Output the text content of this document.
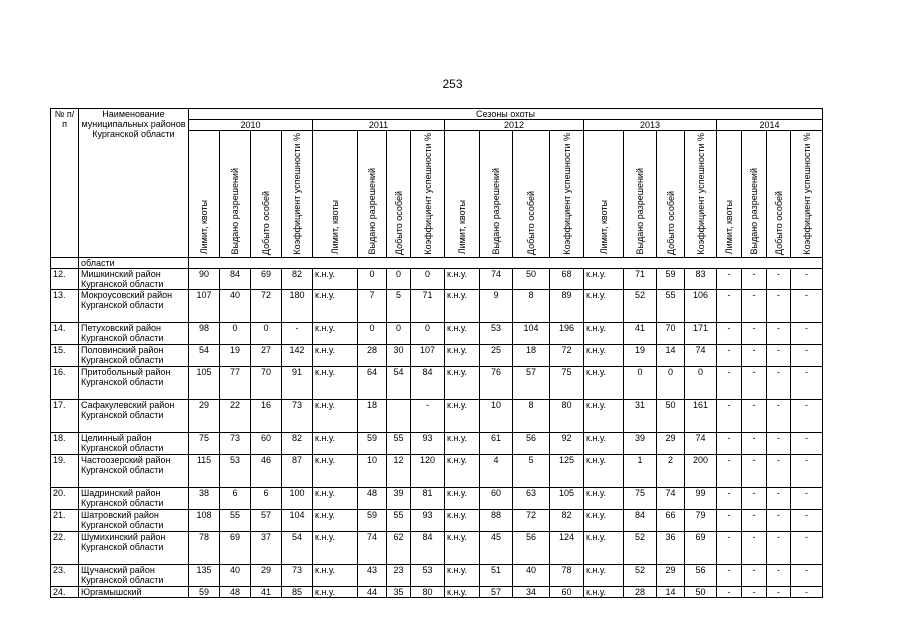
253
№ п/п	Наименование муниципальных районов Курганской области	Сезоны охоты																			
		2010				2011				2012				2013				2014			

		Лимит, квоты	Выдано разрешений	Добыто особей	Коэффициент успешности %	Лимит, квоты	Выдано разрешений	Добыто особей	Коэффициент успешности %	Лимит, квоты	Выдано разрешений	Добыто особей	Коэффициент успешности %	Лимит, квоты	Выдано разрешений	Добыто особей	Коэффициент успешности %	Лимит, квоты	Выдано разрешений	Добыто особей	Коэффициент успешности %

	области																				
12.	Мишкинский район Курганской области	90	84	69	82	к.н.у.	0	0	0	к.н.у.	74	50	68	к.н.у.	71	59	83	-	-	-	-
13.	Мокроусовский район Курганской области	107	40	72	180	к.н.у.	7	5	71	к.н.у.	9	8	89	к.н.у.	52	55	106	-	-	-	-
14.	Петуховский район Курганской области	98	0	0	-	к.н.у.	0	0	0	к.н.у.	53	104	196	к.н.у.	41	70	171	-	-	-	-
15.	Половинский район Курганской области	54	19	27	142	к.н.у.	28	30	107	к.н.у.	25	18	72	к.н.у.	19	14	74	-	-	-	-
16.	Притобольный район Курганской области	105	77	70	91	к.н.у.	64	54	84	к.н.у.	76	57	75	к.н.у.	0	0	0	-	-	-	-
17.	Сафакулевский район Курганской области	29	22	16	73	к.н.у.	18		-	к.н.у.	10	8	80	к.н.у.	31	50	161	-	-	-	-
18.	Целинный район Курганской области	75	73	60	82	к.н.у.	59	55	93	к.н.у.	61	56	92	к.н.у.	39	29	74	-	-	-	-
19.	Частоозерский район Курганской области	115	53	46	87	к.н.у.	10	12	120	к.н.у.	4	5	125	к.н.у.	1	2	200	-	-	-	-
20.	Шадринский район Курганской области	38	6	6	100	к.н.у.	48	39	81	к.н.у.	60	63	105	к.н.у.	75	74	99	-	-	-	-
21.	Шатровский район Курганской области	108	55	57	104	к.н.у.	59	55	93	к.н.у.	88	72	82	к.н.у.	84	66	79	-	-	-	-
22.	Шумихинский район Курганской области	78	69	37	54	к.н.у.	74	62	84	к.н.у.	45	56	124	к.н.у.	52	36	69	-	-	-	-
23.	Щучанский район Курганской области	135	40	29	73	к.н.у.	43	23	53	к.н.у.	51	40	78	к.н.у.	52	29	56	-	-	-	-
24.	Юргамышский	59	48	41	85	к.н.у.	44	35	80	к.н.у.	57	34	60	к.н.у.	28	14	50	-	-	-	-
